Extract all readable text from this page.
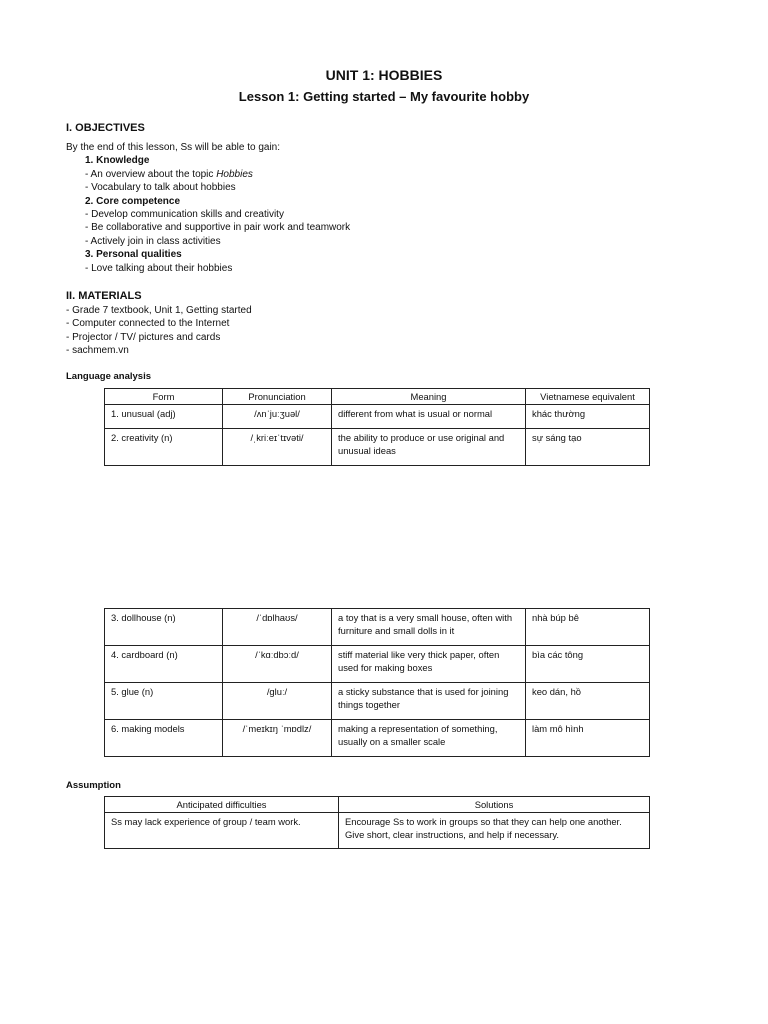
UNIT 1: HOBBIES
Lesson 1: Getting started – My favourite hobby
I. OBJECTIVES

By the end of this lesson, Ss will be able to gain:

1. Knowledge

- An overview about the topic Hobbies

- Vocabulary to talk about hobbies

2. Core competence

- Develop communication skills and creativity

- Be collaborative and supportive in pair work and teamwork

- Actively join in class activities

3. Personal qualities

- Love talking about their hobbies

II. MATERIALS

- Grade 7 textbook, Unit 1, Getting started

- Computer connected to the Internet

- Projector / TV/ pictures and cards

- sachmem.vn

Language analysis
Form	Pronunciation	Meaning	Vietnamese equivalent
1. unusual (adj)	/ʌnˈjuːʒuəl/	different from what is usual or normal	khác thường
2. creativity (n)	/ˌkriːeɪˈtɪvəti/	the ability to produce or use original and unusual ideas	sự sáng tạo
3. dollhouse (n)	/ˈdɒlhaʊs/	a toy that is a very small house, often with furniture and small dolls in it	nhà búp bê
4. cardboard (n)	/ˈkɑːdbɔːd/	stiff material like very thick paper, often used for making boxes	bìa các tông
5. glue (n)	/ɡluː/	a sticky substance that is used for joining things together	keo dán, hồ
6. making models	/ˈmeɪkɪŋ ˈmɒdlz/	making a representation of something, usually on a smaller scale	làm mô hình
Assumption
Anticipated difficulties	Solutions
Ss may lack experience of group / team work.	Encourage Ss to work in groups so that they can help one another. Give short, clear instructions, and help if necessary.
